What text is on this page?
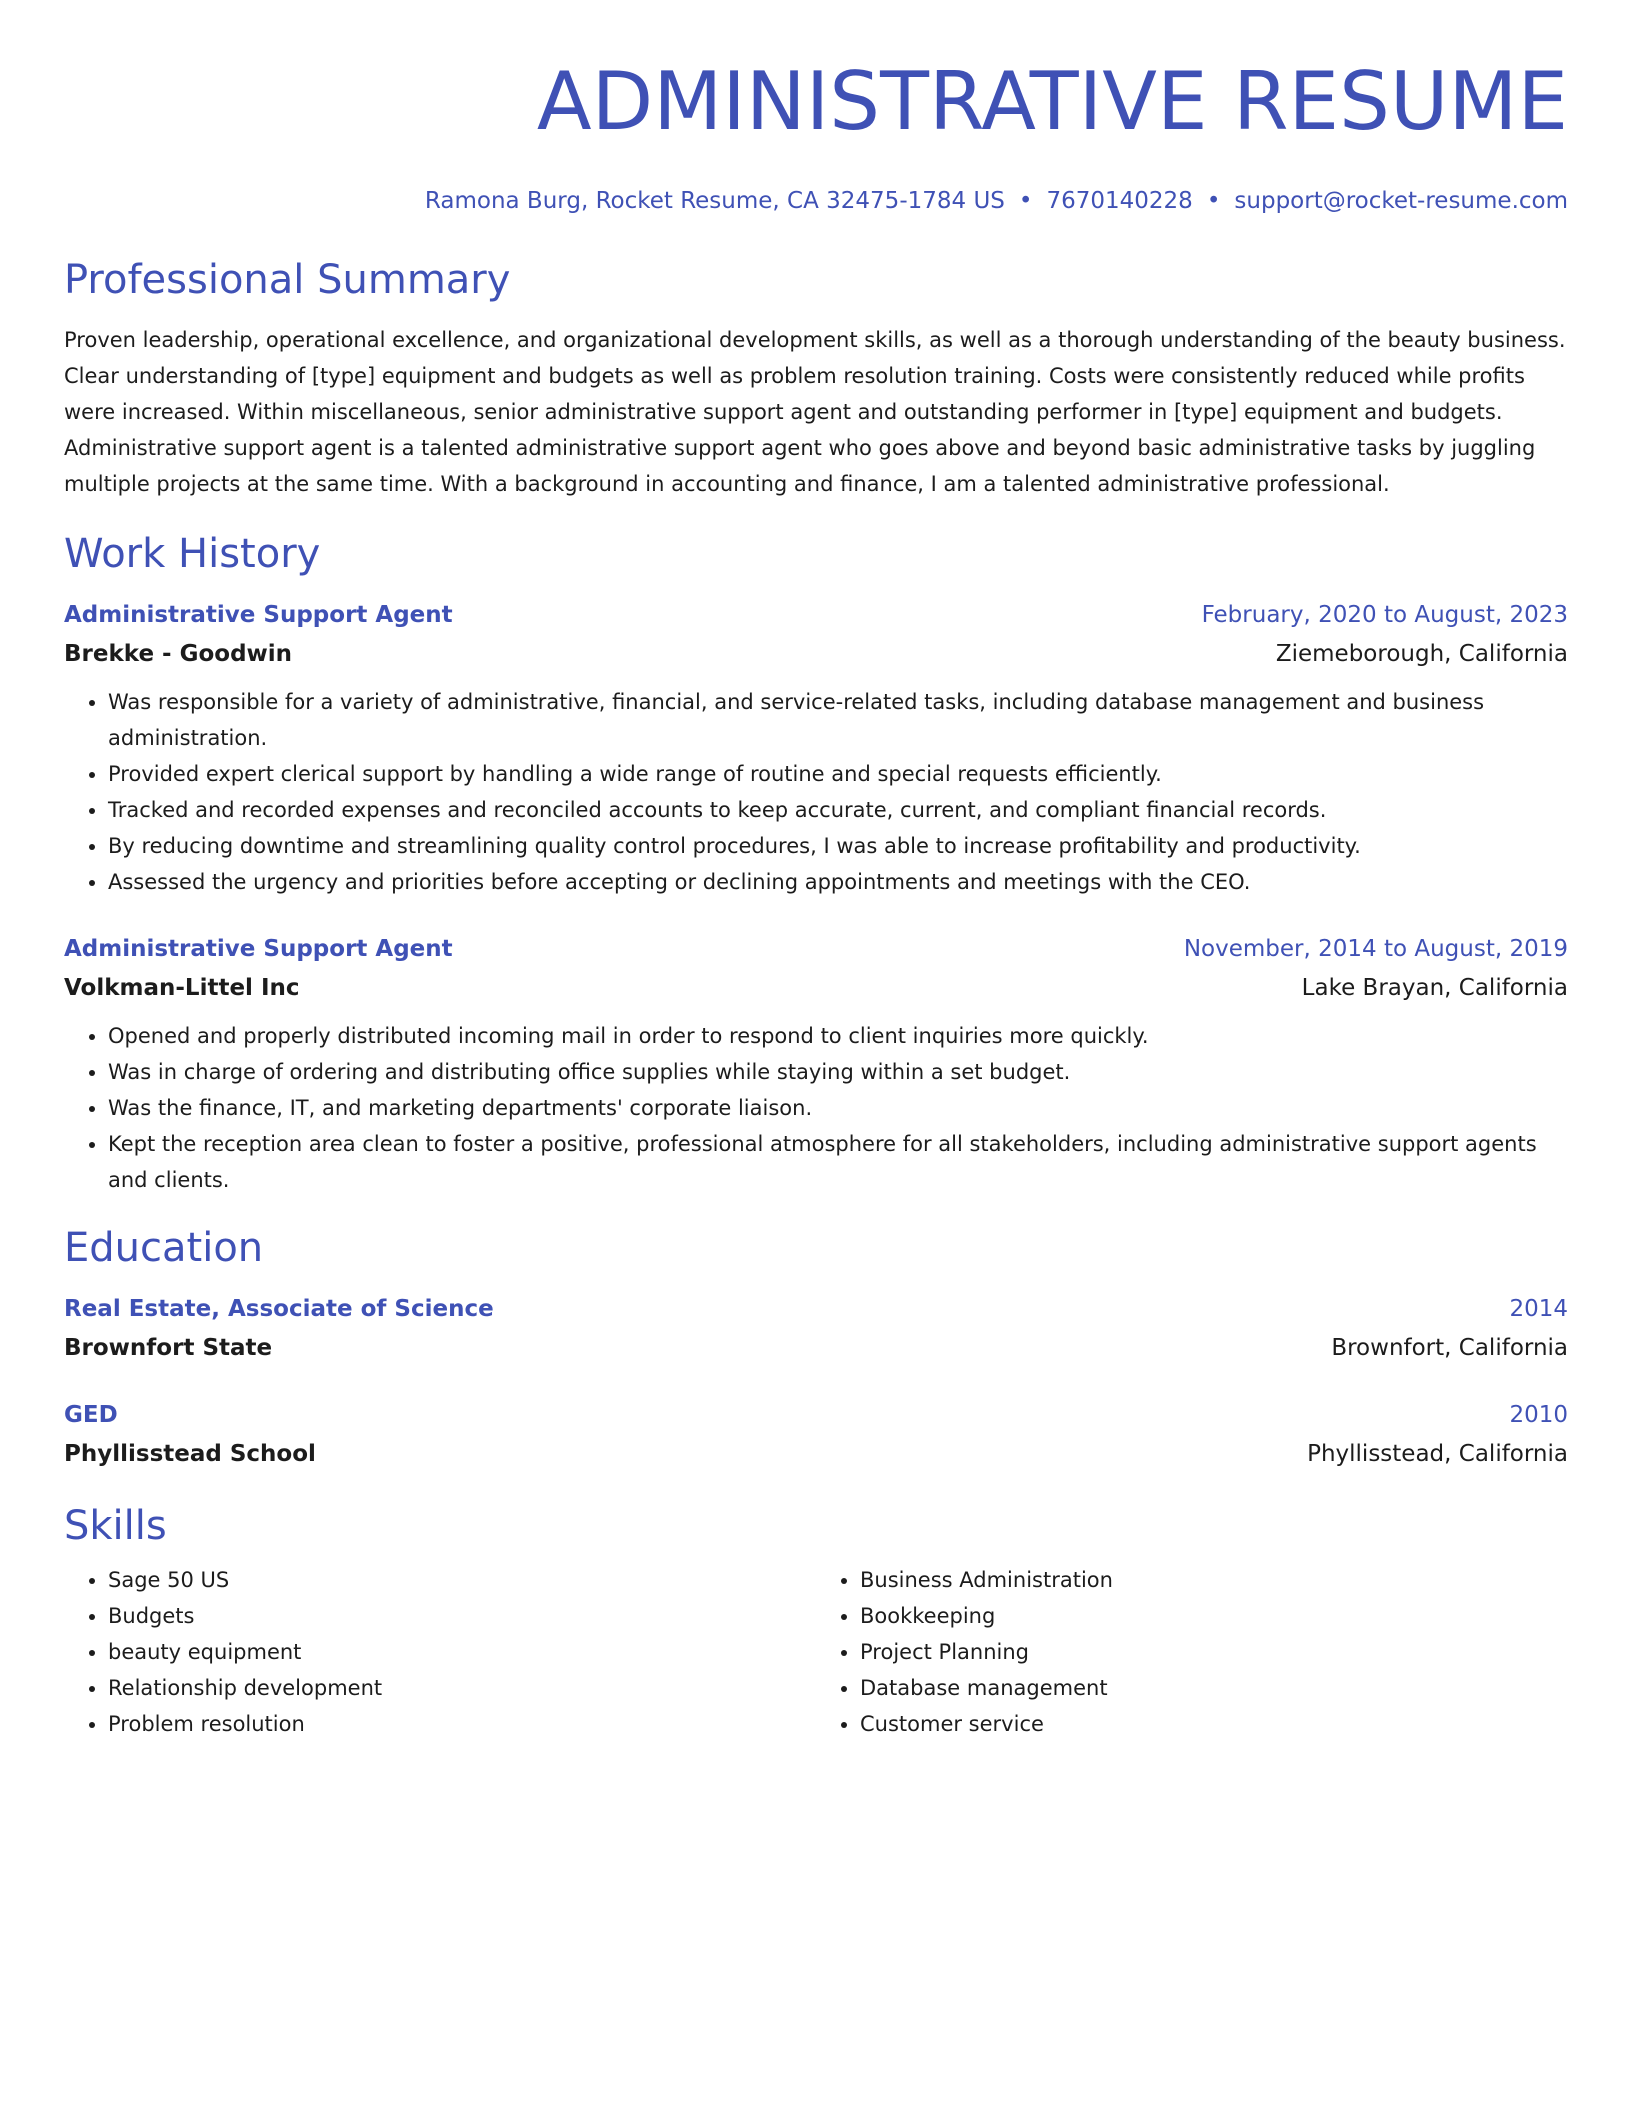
ADMINISTRATIVE RESUME
Ramona Burg, Rocket Resume, CA 32475-1784 US • 7670140228 • support@rocket-resume.com
Professional Summary

Proven leadership, operational excellence, and organizational development skills, as well as a thorough understanding of the beauty business. Clear understanding of [type] equipment and budgets as well as problem resolution training. Costs were consistently reduced while profits were increased. Within miscellaneous, senior administrative support agent and outstanding performer in [type] equipment and budgets. Administrative support agent is a talented administrative support agent who goes above and beyond basic administrative tasks by juggling multiple projects at the same time. With a background in accounting and finance, I am a talented administrative professional.

Work History
Administrative Support Agent	February, 2020 to August, 2023
Brekke - Goodwin	Ziemeborough, California
• Was responsible for a variety of administrative, financial, and service-related tasks, including database management and business administration.
• Provided expert clerical support by handling a wide range of routine and special requests efficiently.
• Tracked and recorded expenses and reconciled accounts to keep accurate, current, and compliant financial records.
• By reducing downtime and streamlining quality control procedures, I was able to increase profitability and productivity.
• Assessed the urgency and priorities before accepting or declining appointments and meetings with the CEO.
Administrative Support Agent	November, 2014 to August, 2019
Volkman-Littel Inc	Lake Brayan, California
• Opened and properly distributed incoming mail in order to respond to client inquiries more quickly.
• Was in charge of ordering and distributing office supplies while staying within a set budget.
• Was the finance, IT, and marketing departments' corporate liaison.
• Kept the reception area clean to foster a positive, professional atmosphere for all stakeholders, including administrative support agents and clients.
Education
Real Estate, Associate of Science	2014
Brownfort State	Brownfort, California
GED	2010
Phyllisstead School	Phyllisstead, California
Skills
• Sage 50 US
• Budgets
• beauty equipment
• Relationship development
• Problem resolution
• Business Administration
• Bookkeeping
• Project Planning
• Database management
• Customer service
